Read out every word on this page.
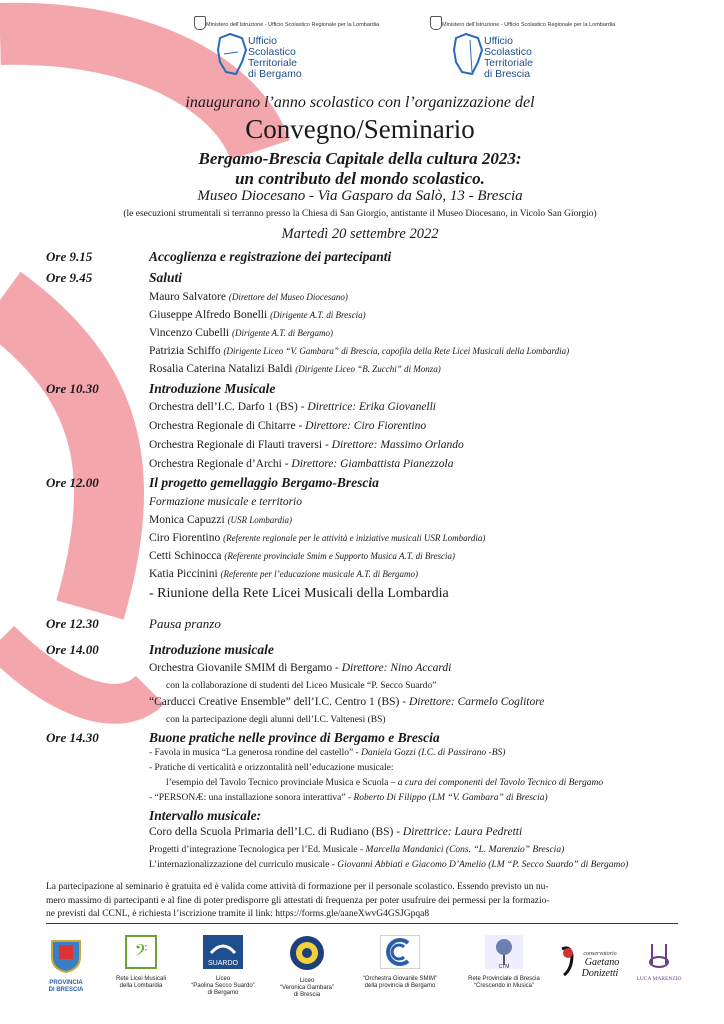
Ministero dell'Istruzione - Ufficio Scolastico Regionale per la Lombardia
Ufficio
Scolastico
Territoriale
di Bergamo
Ministero dell'Istruzione - Ufficio Scolastico Regionale per la Lombardia
Ufficio
Scolastico
Territoriale
di Brescia
inaugurano l’anno scolastico con l’organizzazione del
Convegno/Seminario
Bergamo-Brescia Capitale della cultura 2023:
un contributo del mondo scolastico.
Museo Diocesano - Via Gasparo da Salò, 13 - Brescia
(le esecuzioni strumentali si terranno presso la Chiesa di San Giorgio, antistante il Museo Diocesano, in Vicolo San Giorgio)
Martedì 20 settembre 2022
Ore 9.15	Accoglienza e registrazione dei partecipanti
Ore 9.45	Saluti
Mauro Salvatore (Direttore del Museo Diocesano)
Giuseppe Alfredo Bonelli (Dirigente A.T. di Brescia)
Vincenzo Cubelli (Dirigente A.T. di Bergamo)
Patrizia Schiffo (Dirigente Liceo “V. Gambara” di Brescia, capofila della Rete Licei Musicali della Lombardia)
Rosalia Caterina Natalizi Baldi (Dirigente Liceo “B. Zucchi” di Monza)
Ore 10.30	Introduzione Musicale
Orchestra dell’I.C. Darfo 1 (BS) - Direttrice: Erika Giovanelli
Orchestra Regionale di Chitarre - Direttore: Ciro Fiorentino
Orchestra Regionale di Flauti traversi - Direttore: Massimo Orlando
Orchestra Regionale d’Archi - Direttore: Giambattista Pianezzola
Ore 12.00	Il progetto gemellaggio Bergamo-Brescia
Formazione musicale e territorio
Monica Capuzzi (USR Lombardia)
Ciro Fiorentino (Referente regionale per le attività e iniziative musicali USR Lombardia)
Cetti Schinocca (Referente provinciale Smim e Supporto Musica A.T. di Brescia)
Katia Piccinini (Referente per l’educazione musicale A.T. di Bergamo)
- Riunione della Rete Licei Musicali della Lombardia
Ore 12.30	Pausa pranzo
Ore 14.00	Introduzione musicale
Orchestra Giovanile SMIM di Bergamo - Direttore: Nino Accardi
con la collaborazione di studenti del Liceo Musicale “P. Secco Suardo”
“Carducci Creative Ensemble” dell’I.C. Centro 1 (BS) - Direttore: Carmelo Coglitore
con la partecipazione degli alunni dell’I.C. Valtenesi (BS)
Ore 14.30	Buone pratiche nelle province di Bergamo e Brescia
- Favola in musica “La generosa rondine del castello” - Daniela Gozzi (I.C. di Passirano -BS)
- Pratiche di verticalità e orizzontalità nell’educazione musicale:
l’esempio del Tavolo Tecnico provinciale Musica e Scuola – a cura dei componenti del Tavolo Tecnico di Bergamo
- “PERSONÆ: una installazione sonora interattiva” - Roberto Di Filippo (LM “V. Gambara” di Brescia)
Intervallo musicale:
Coro della Scuola Primaria dell’I.C. di Rudiano (BS) - Direttrice: Laura Pedretti
Progetti d’integrazione Tecnologica per l’Ed. Musicale - Marcella Mandanici (Cons. “L. Marenzio” Brescia)
L’internazionalizzazione del curriculo musicale - Giovanni Abbiati e Giacomo D’Amelio (LM “P. Secco Suardo” di Bergamo)
La partecipazione al seminario è gratuita ed è valida come attività di formazione per il personale scolastico. Essendo previsto un nu-
mero massimo di partecipanti e al fine di poter predisporre gli attestati di frequenza per poter usufruire dei permessi per la formazio-
ne previsti dal CCNL, è richiesta l’iscrizione tramite il link: https://forms.gle/aaneXwvG4GSJGpqa8
PROVINCIA
DI BRESCIA
𝄢
Rete Licei Musicali
della Lombardia
SUARDO
Liceo
“Paolina Secco Suardo”
di Bergamo
Liceo
“Veronica Gambara”
di Brescia
“Orchestra Giovanile SMIM”
della provincia di Bergamo
CTM
Rete Provinciale di Brescia
“Crescendo in Musica”
conservatorio
Gaetano
Donizetti	LUCA MARENZIO
